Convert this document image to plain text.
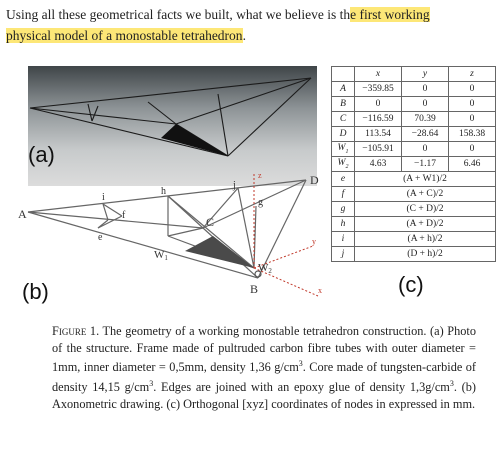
Using all these geometrical facts we built, what we believe is the first working
physical model of a monostable tetrahedron.
(a)
z
y
x
A
B
C
D
W1
W2
e
f
g
h
i
j
(b)
	x	y	z
A	−359.85	0	0
B	0	0	0
C	−116.59	70.39	0
D	113.54	−28.64	158.38
$W_1$	−105.91	0	0
$W_2$	4.63	−1.17	6.46
e	(A + W1)/2		
f	(A + C)/2		
g	(C + D)/2		
h	(A + D)/2		
i	(A + h)/2		
j	(D + h)/2		
(c)
Figure 1. The geometry of a working monostable tetrahedron construction. (a) Photo of the structure. Frame made of pultruded carbon fibre tubes with outer diameter = 1mm, inner diameter = 0,5mm, density 1,36 $g/cm^3$. Core made of tungsten-carbide of density 14,15 $g/cm^3$. Edges are joined with an epoxy glue of density $1,3g/cm^3$. (b) Axonometric drawing. (c) Orthogonal [xyz] coordinates of nodes in expressed in mm.
